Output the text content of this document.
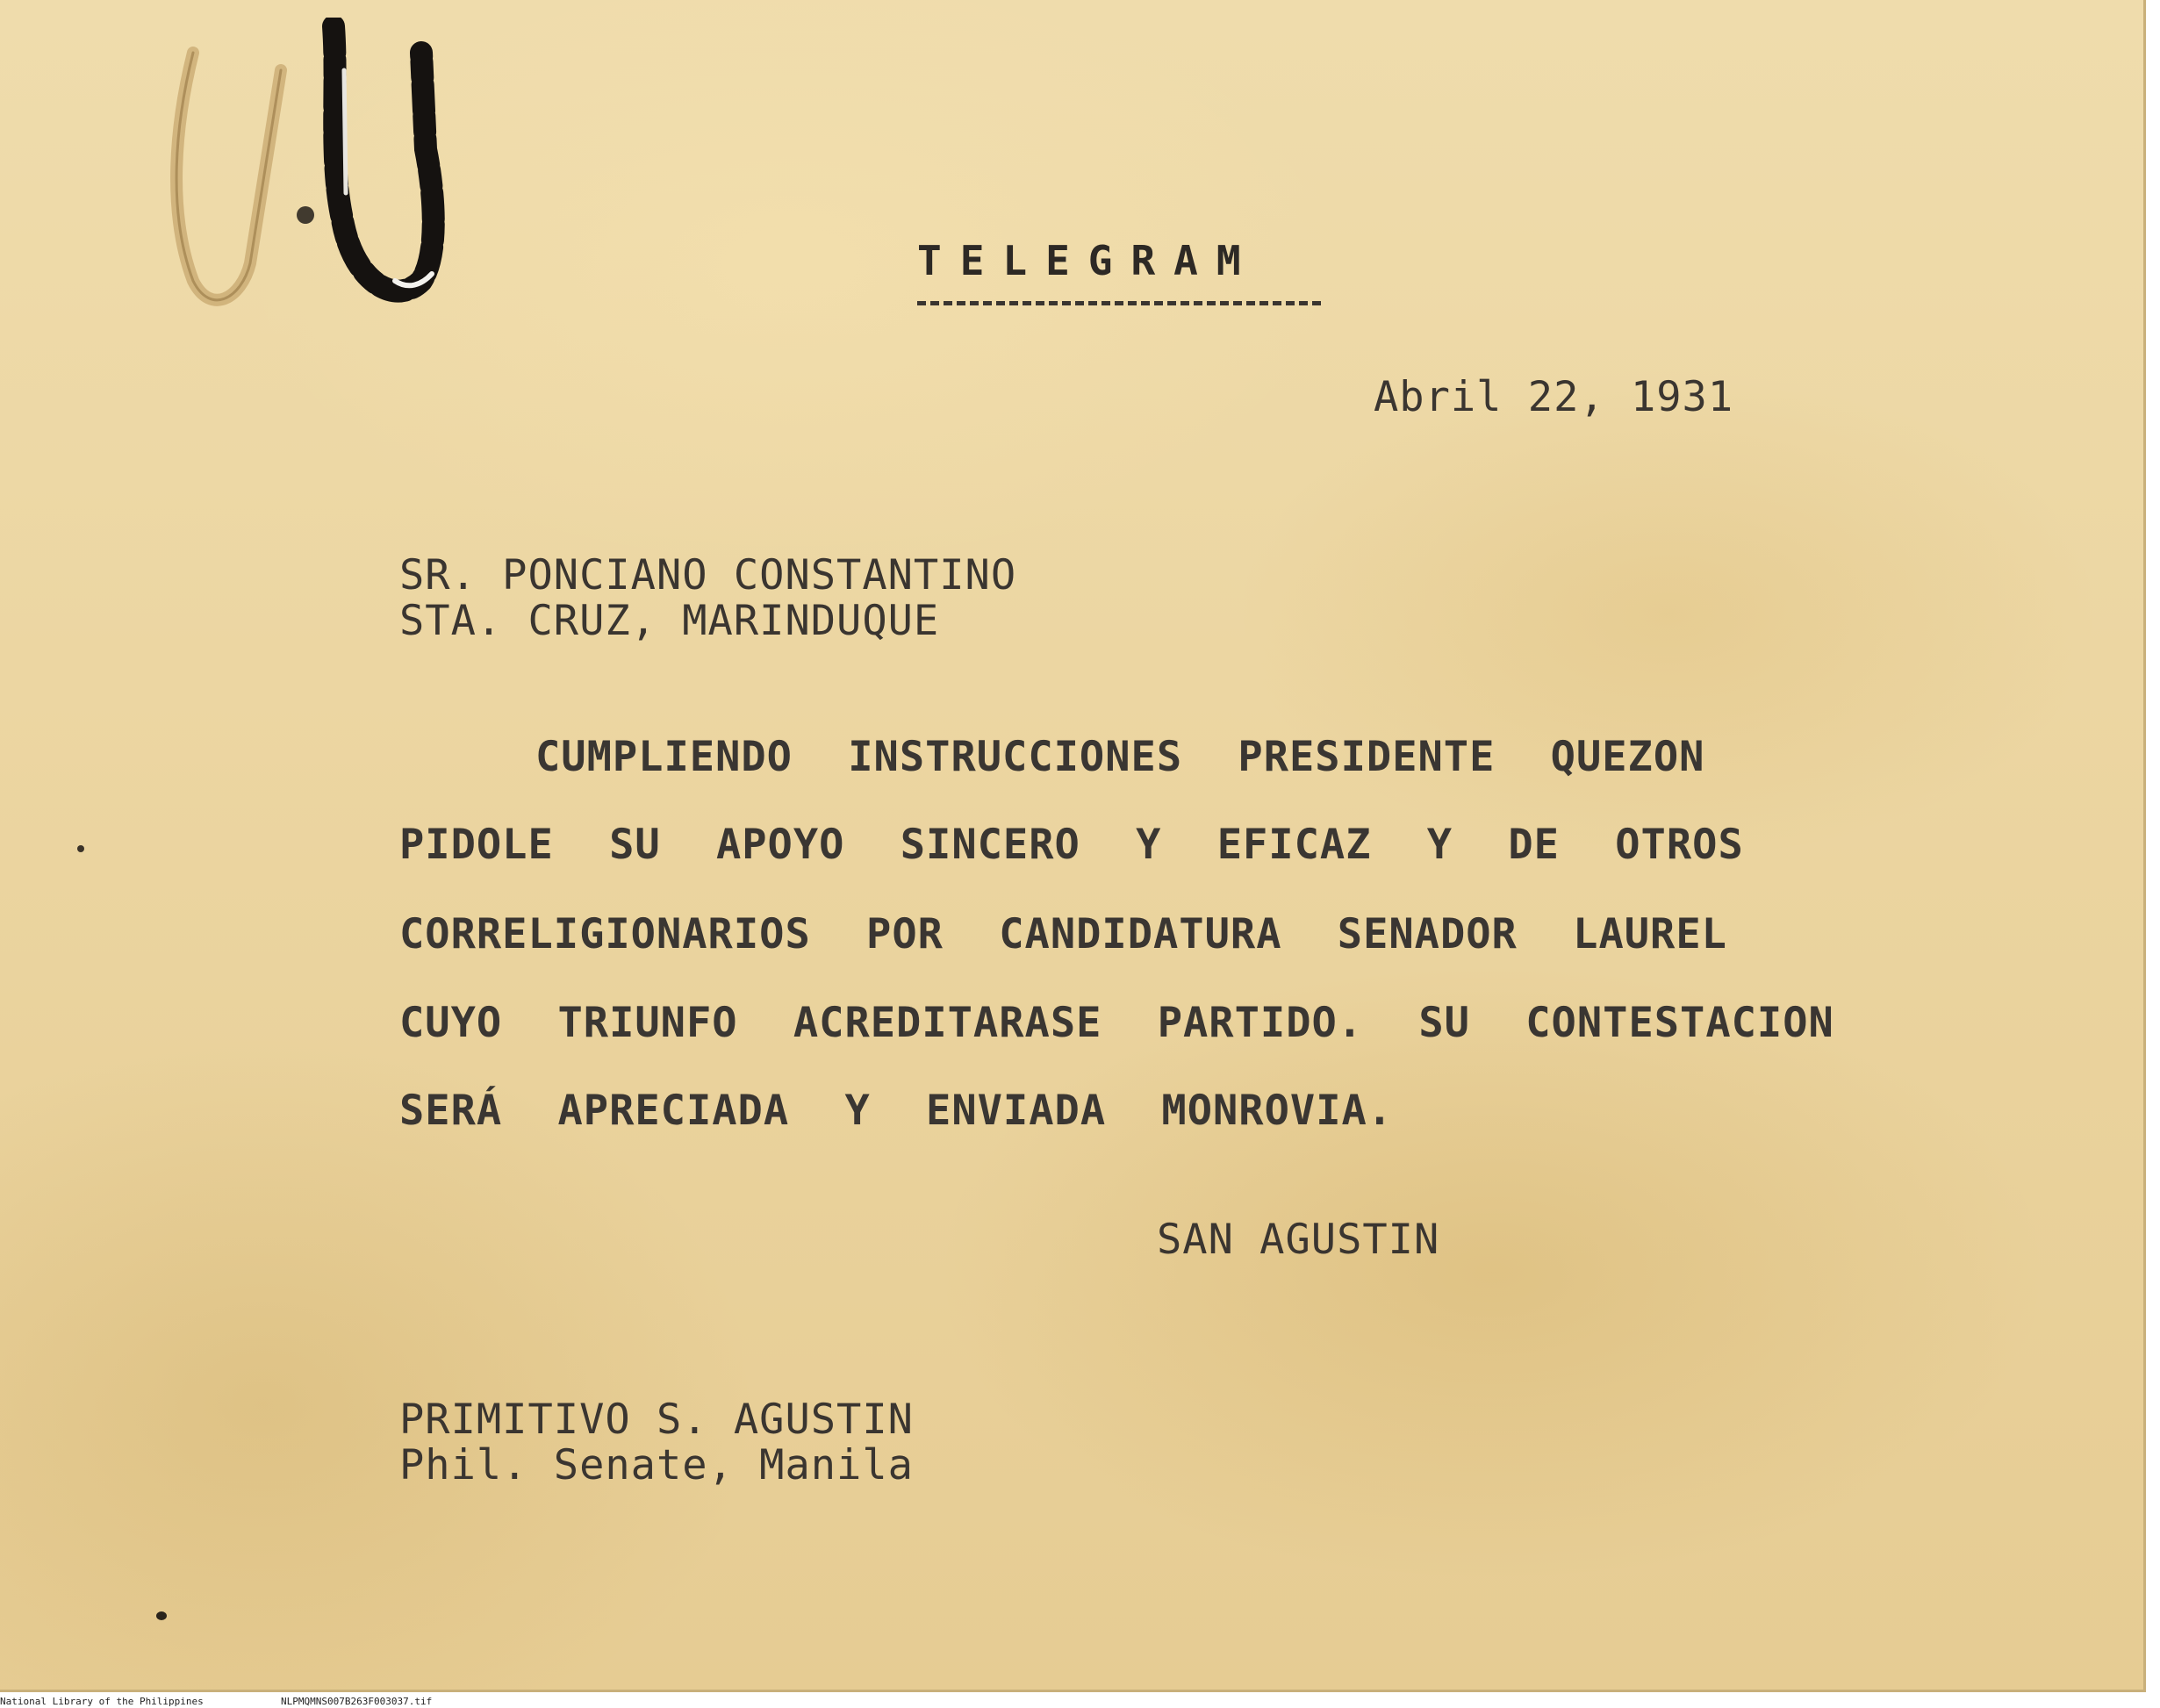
TELEGRAM
Abril 22, 1931
SR. PONCIANO CONSTANTINO
STA. CRUZ, MARINDUQUE
CUMPLIENDO INSTRUCCIONES PRESIDENTE QUEZON
PIDOLE SU APOYO SINCERO Y EFICAZ Y DE OTROS
CORRELIGIONARIOS POR CANDIDATURA SENADOR LAUREL
CUYO TRIUNFO ACREDITARASE PARTIDO. SU CONTESTACION
SERÁ APRECIADA Y ENVIADA MONROVIA.
SAN AGUSTIN
PRIMITIVO S. AGUSTIN
Phil. Senate, Manila
National Library of the Philippines	NLPMQMNS007B263F003037.tif
